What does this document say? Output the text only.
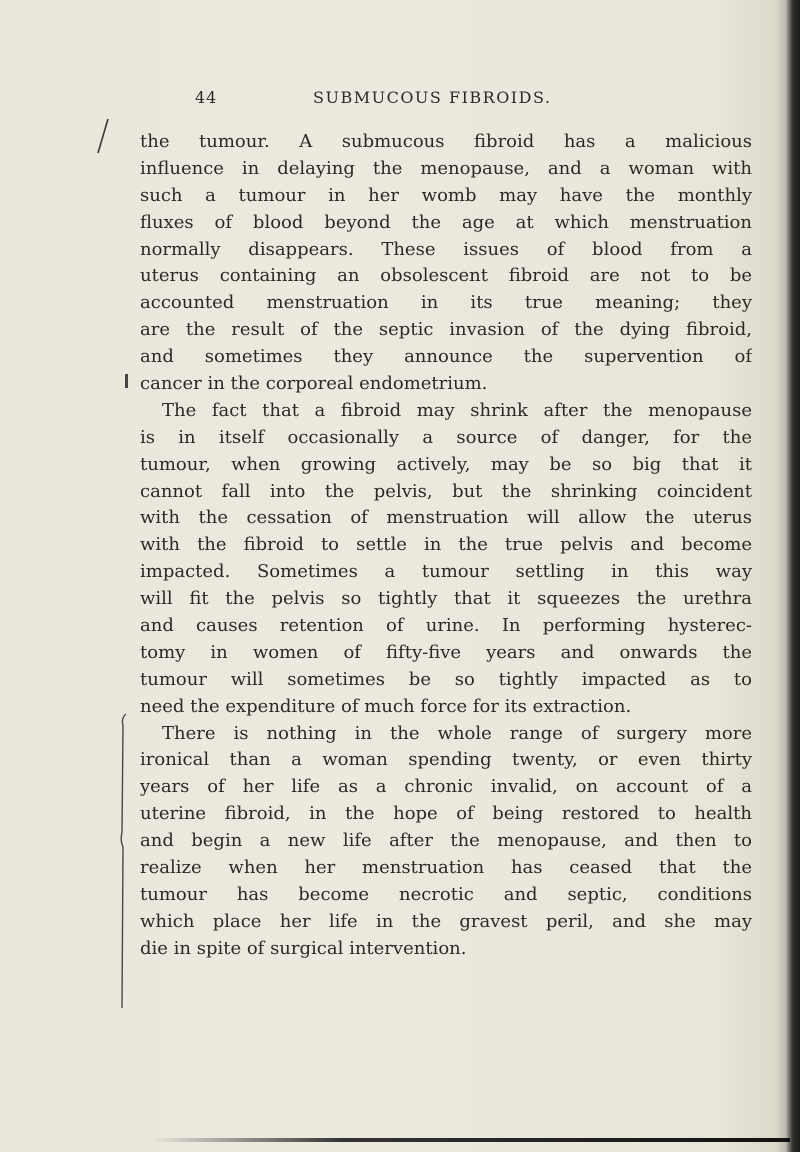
44	SUBMUCOUS FIBROIDS.
the tumour. A submucous fibroid has a malicious
influence in delaying the menopause, and a woman with
such a tumour in her womb may have the monthly
fluxes of blood beyond the age at which menstruation
normally disappears. These issues of blood from a
uterus containing an obsolescent fibroid are not to be
accounted menstruation in its true meaning; they
are the result of the septic invasion of the dying fibroid,
and sometimes they announce the supervention of
cancer in the corporeal endometrium.
The fact that a fibroid may shrink after the menopause
is in itself occasionally a source of danger, for the
tumour, when growing actively, may be so big that it
cannot fall into the pelvis, but the shrinking coincident
with the cessation of menstruation will allow the uterus
with the fibroid to settle in the true pelvis and become
impacted. Sometimes a tumour settling in this way
will fit the pelvis so tightly that it squeezes the urethra
and causes retention of urine. In performing hysterec-
tomy in women of fifty-five years and onwards the
tumour will sometimes be so tightly impacted as to
need the expenditure of much force for its extraction.
There is nothing in the whole range of surgery more
ironical than a woman spending twenty, or even thirty
years of her life as a chronic invalid, on account of a
uterine fibroid, in the hope of being restored to health
and begin a new life after the menopause, and then to
realize when her menstruation has ceased that the
tumour has become necrotic and septic, conditions
which place her life in the gravest peril, and she may
die in spite of surgical intervention.
